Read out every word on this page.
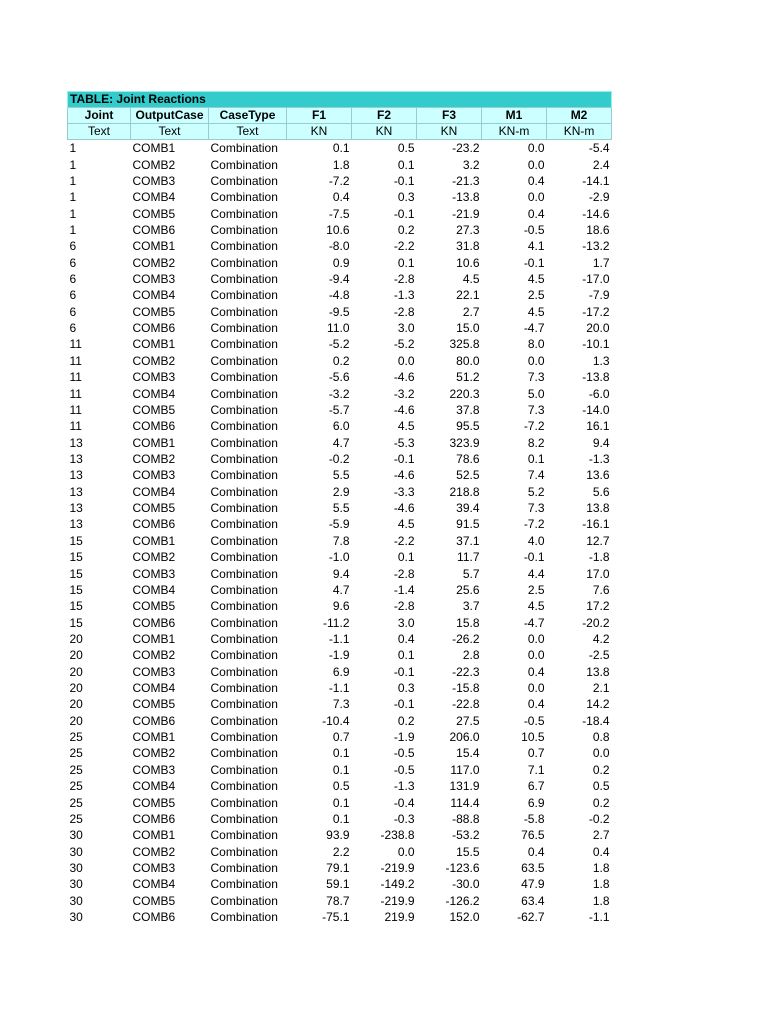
TABLE: Joint Reactions							
Joint	OutputCase	CaseType	F1	F2	F3	M1	M2
Text	Text	Text	KN	KN	KN	KN-m	KN-m
1	COMB1	Combination	0.1	0.5	-23.2	0.0	-5.4
1	COMB2	Combination	1.8	0.1	3.2	0.0	2.4
1	COMB3	Combination	-7.2	-0.1	-21.3	0.4	-14.1
1	COMB4	Combination	0.4	0.3	-13.8	0.0	-2.9
1	COMB5	Combination	-7.5	-0.1	-21.9	0.4	-14.6
1	COMB6	Combination	10.6	0.2	27.3	-0.5	18.6
6	COMB1	Combination	-8.0	-2.2	31.8	4.1	-13.2
6	COMB2	Combination	0.9	0.1	10.6	-0.1	1.7
6	COMB3	Combination	-9.4	-2.8	4.5	4.5	-17.0
6	COMB4	Combination	-4.8	-1.3	22.1	2.5	-7.9
6	COMB5	Combination	-9.5	-2.8	2.7	4.5	-17.2
6	COMB6	Combination	11.0	3.0	15.0	-4.7	20.0
11	COMB1	Combination	-5.2	-5.2	325.8	8.0	-10.1
11	COMB2	Combination	0.2	0.0	80.0	0.0	1.3
11	COMB3	Combination	-5.6	-4.6	51.2	7.3	-13.8
11	COMB4	Combination	-3.2	-3.2	220.3	5.0	-6.0
11	COMB5	Combination	-5.7	-4.6	37.8	7.3	-14.0
11	COMB6	Combination	6.0	4.5	95.5	-7.2	16.1
13	COMB1	Combination	4.7	-5.3	323.9	8.2	9.4
13	COMB2	Combination	-0.2	-0.1	78.6	0.1	-1.3
13	COMB3	Combination	5.5	-4.6	52.5	7.4	13.6
13	COMB4	Combination	2.9	-3.3	218.8	5.2	5.6
13	COMB5	Combination	5.5	-4.6	39.4	7.3	13.8
13	COMB6	Combination	-5.9	4.5	91.5	-7.2	-16.1
15	COMB1	Combination	7.8	-2.2	37.1	4.0	12.7
15	COMB2	Combination	-1.0	0.1	11.7	-0.1	-1.8
15	COMB3	Combination	9.4	-2.8	5.7	4.4	17.0
15	COMB4	Combination	4.7	-1.4	25.6	2.5	7.6
15	COMB5	Combination	9.6	-2.8	3.7	4.5	17.2
15	COMB6	Combination	-11.2	3.0	15.8	-4.7	-20.2
20	COMB1	Combination	-1.1	0.4	-26.2	0.0	4.2
20	COMB2	Combination	-1.9	0.1	2.8	0.0	-2.5
20	COMB3	Combination	6.9	-0.1	-22.3	0.4	13.8
20	COMB4	Combination	-1.1	0.3	-15.8	0.0	2.1
20	COMB5	Combination	7.3	-0.1	-22.8	0.4	14.2
20	COMB6	Combination	-10.4	0.2	27.5	-0.5	-18.4
25	COMB1	Combination	0.7	-1.9	206.0	10.5	0.8
25	COMB2	Combination	0.1	-0.5	15.4	0.7	0.0
25	COMB3	Combination	0.1	-0.5	117.0	7.1	0.2
25	COMB4	Combination	0.5	-1.3	131.9	6.7	0.5
25	COMB5	Combination	0.1	-0.4	114.4	6.9	0.2
25	COMB6	Combination	0.1	-0.3	-88.8	-5.8	-0.2
30	COMB1	Combination	93.9	-238.8	-53.2	76.5	2.7
30	COMB2	Combination	2.2	0.0	15.5	0.4	0.4
30	COMB3	Combination	79.1	-219.9	-123.6	63.5	1.8
30	COMB4	Combination	59.1	-149.2	-30.0	47.9	1.8
30	COMB5	Combination	78.7	-219.9	-126.2	63.4	1.8
30	COMB6	Combination	-75.1	219.9	152.0	-62.7	-1.1
